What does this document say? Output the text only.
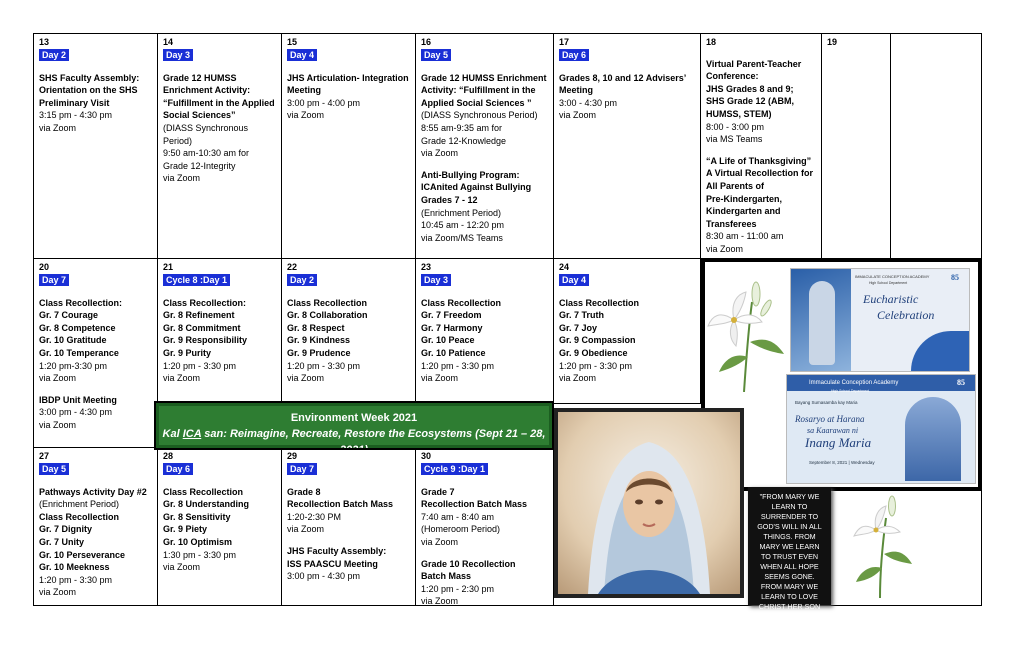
13
Day 2

SHS Faculty Assembly:

Orientation on the SHS

Preliminary Visit

3:15 pm - 4:30 pm

via Zoom

14
Day 3

Grade 12 HUMSS

Enrichment Activity:

“Fulfillment in the Applied

Social Sciences”

(DIASS Synchronous

Period)

9:50 am-10:30 am for

Grade 12-Integrity

via Zoom

15
Day 4

JHS Articulation- Integration

Meeting

3:00 pm - 4:00 pm

via Zoom

16
Day 5

Grade 12 HUMSS Enrichment

Activity: “Fulfillment in the

Applied Social Sciences ”

(DIASS Synchronous Period)

8:55 am-9:35 am for

Grade 12-Knowledge

via Zoom

Anti-Bullying Program:

ICAnited Against Bullying

Grades 7 - 12

(Enrichment Period)

10:45 am - 12:20 pm

via Zoom/MS Teams

17
Day 6

Grades 8, 10 and 12 Advisers’

Meeting

3:00 - 4:30 pm

via Zoom

18

Virtual Parent-Teacher

Conference:

JHS Grades 8 and 9;

SHS Grade 12 (ABM,

HUMSS, STEM)

8:00 - 3:00 pm

via MS Teams

“A Life of Thanksgiving”

A Virtual Recollection for

All Parents of

Pre-Kindergarten,

Kindergarten and

Transferees

8:30 am - 11:00 am

via Zoom

19
20
Day 7

Class Recollection:

Gr. 7 Courage

Gr. 8 Competence

Gr. 10 Gratitude

Gr. 10 Temperance

1:20 pm-3:30 pm

via Zoom

IBDP Unit Meeting

3:00 pm - 4:30 pm

via Zoom

21
Cycle 8 :Day 1

Class Recollection:

Gr. 8 Refinement

Gr. 8 Commitment

Gr. 9 Responsibility

Gr. 9 Purity

1:20 pm - 3:30 pm

via Zoom

22
Day 2

Class Recollection

Gr. 8 Collaboration

Gr. 8 Respect

Gr. 9 Kindness

Gr. 9 Prudence

1:20 pm - 3:30 pm

via Zoom

23
Day 3

Class Recollection

Gr. 7 Freedom

Gr. 7 Harmony

Gr. 10 Peace

Gr. 10 Patience

1:20 pm - 3:30 pm

via Zoom

24
Day 4

Class Recollection

Gr. 7 Truth

Gr. 7 Joy

Gr. 9 Compassion

Gr. 9 Obedience

1:20 pm - 3:30 pm

via Zoom

27
Day 5

Pathways Activity Day #2

(Enrichment Period)

Class Recollection

Gr. 7 Dignity

Gr. 7 Unity

Gr. 10 Perseverance

Gr. 10 Meekness

1:20 pm - 3:30 pm

via Zoom

28
Day 6

Class Recollection

Gr. 8 Understanding

Gr. 8 Sensitivity

Gr. 9 Piety

Gr. 10 Optimism

1:30 pm - 3:30 pm

via Zoom

29
Day 7

Grade 8

Recollection Batch Mass

1:20-2:30 PM

via Zoom

JHS Faculty Assembly:

ISS PAASCU Meeting

3:00 pm - 4:30 pm

30
Cycle 9 :Day 1

Grade 7

Recollection Batch Mass

7:40 am - 8:40 am

(Homeroom Period)

via Zoom

Grade 10 Recollection

Batch Mass

1:20 pm - 2:30 pm

via Zoom

Environment Week 2021
Kal ICA san: Reimagine, Recreate, Restore the Ecosystems (Sept 21 – 28, 2021)
IMMACULATE CONCEPTION ACADEMY
High School Department
85
Eucharistic
Celebration
Immaculate Conception Academy
High School Department
85
Bayang Sumasamba kay Maria
Rosaryo at Harana
sa Kaarawan ni
Inang Maria
September 8, 2021 | Wednesday
"FROM MARY WE LEARN TO SURRENDER TO GOD'S WILL IN ALL THINGS. FROM MARY WE LEARN TO TRUST EVEN WHEN ALL HOPE SEEMS GONE. FROM MARY WE LEARN TO LOVE CHRIST HER SON AND THE SON OF GOD!"
ST. JOHN PAUL II
